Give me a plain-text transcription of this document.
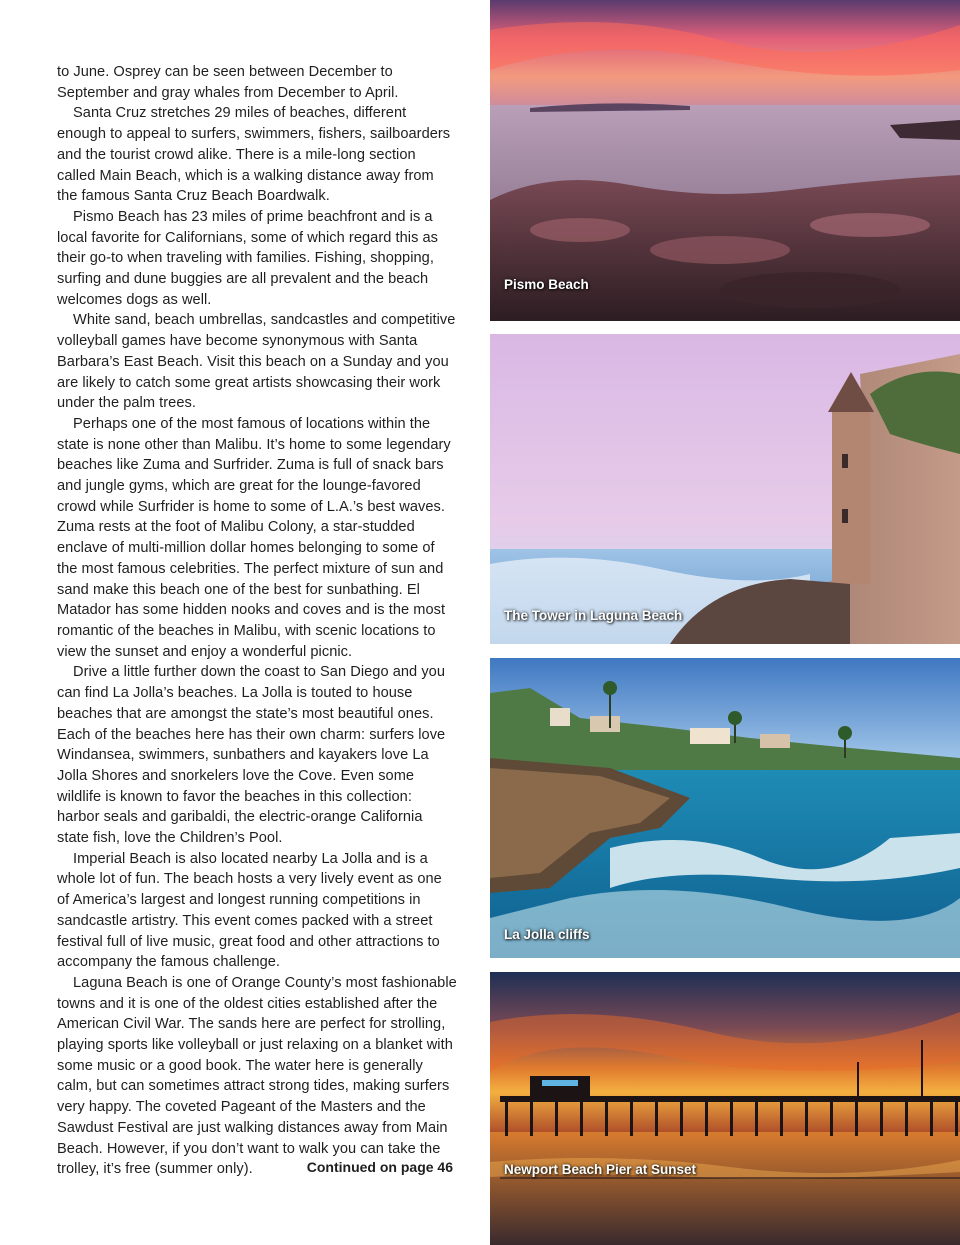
to June. Osprey can be seen between December to September and gray whales from December to April.

Santa Cruz stretches 29 miles of beaches, different enough to appeal to surfers, swimmers, fishers, sailboarders and the tourist crowd alike. There is a mile-long section called Main Beach, which is a walking distance away from the famous Santa Cruz Beach Boardwalk.

Pismo Beach has 23 miles of prime beachfront and is a local favorite for Californians, some of which regard this as their go-to when traveling with families. Fishing, shopping, surfing and dune buggies are all prevalent and the beach welcomes dogs as well.

White sand, beach umbrellas, sandcastles and competitive volleyball games have become synonymous with Santa Barbara’s East Beach. Visit this beach on a Sunday and you are likely to catch some great artists showcasing their work under the palm trees.

Perhaps one of the most famous of locations within the state is none other than Malibu. It’s home to some legendary beaches like Zuma and Surfrider. Zuma is full of snack bars and jungle gyms, which are great for the lounge-favored crowd while Surfrider is home to some of L.A.’s best waves. Zuma rests at the foot of Malibu Colony, a star-studded enclave of multi-million dollar homes belonging to some of the most famous celebrities. The perfect mixture of sun and sand make this beach one of the best for sunbathing. El Matador has some hidden nooks and coves and is the most romantic of the beaches in Malibu, with scenic locations to view the sunset and enjoy a wonderful picnic.

Drive a little further down the coast to San Diego and you can find La Jolla’s beaches. La Jolla is touted to house beaches that are amongst the state’s most beautiful ones. Each of the beaches here has their own charm: surfers love Windansea, swimmers, sunbathers and kayakers love La Jolla Shores and snorkelers love the Cove. Even some wildlife is known to favor the beaches in this collection: harbor seals and garibaldi, the electric-orange California state fish, love the Children’s Pool.

Imperial Beach is also located nearby La Jolla and is a whole lot of fun. The beach hosts a very lively event as one of America’s largest and longest running competitions in sandcastle artistry. This event comes packed with a street festival full of live music, great food and other attractions to accompany the famous challenge.

Laguna Beach is one of Orange County’s most fashionable towns and it is one of the oldest cities established after the American Civil War. The sands here are perfect for strolling, playing sports like volleyball or just relaxing on a blanket with some music or a good book. The water here is generally calm, but can sometimes attract strong tides, making surfers very happy. The coveted Pageant of the Masters and the Sawdust Festival are just walking distances away from Main Beach. However, if you don’t want to walk you can take the trolley, it’s free (summer only).	Continued on page 46
Pismo Beach
The Tower in Laguna Beach
La Jolla cliffs
Newport Beach Pier at Sunset
